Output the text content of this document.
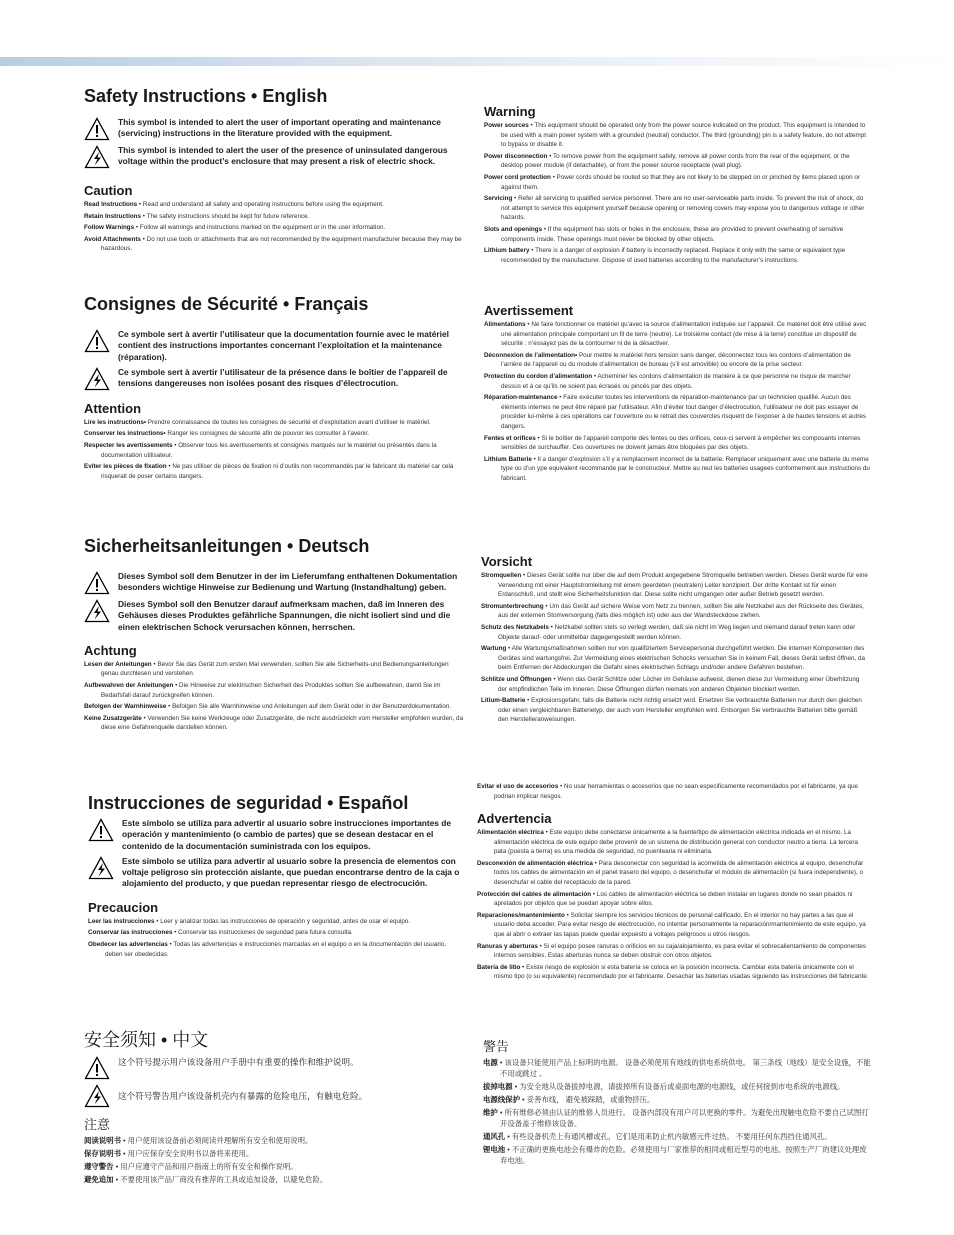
Safety Instructions • English

This symbol is intended to alert the user of important operating and maintenance (servicing) instructions in the literature provided with the equipment.

This symbol is intended to alert the user of the presence of uninsulated dangerous voltage within the product’s enclosure that may present a risk of electric shock.

Caution
Read Instructions • Read and understand all safety and operating instructions before using the equipment.
Retain Instructions • The safety instructions should be kept for future reference.
Follow Warnings • Follow all warnings and instructions marked on the equipment or in the user information.
Avoid Attachments • Do not use tools or attachments that are not recommended by the equipment manufacturer because they may be hazardous.
Warning
Power sources • This equipment should be operated only from the power source indicated on the product. This equipment is intended to be used with a main power system with a grounded (neutral) conductor. The third (grounding) pin is a safety feature, do not attempt to bypass or disable it.
Power disconnection • To remove power from the equipment safely, remove all power cords from the rear of the equipment, or the desktop power module (if detachable), or from the power source receptacle (wall plug).
Power cord protection • Power cords should be routed so that they are not likely to be stepped on or pinched by items placed upon or against them.
Servicing • Refer all servicing to qualified service personnel. There are no user-serviceable parts inside. To prevent the risk of shock, do not attempt to service this equipment yourself because opening or removing covers may expose you to dangerous voltage or other hazards.
Slots and openings • If the equipment has slots or holes in the enclosure, these are provided to prevent overheating of sensitive components inside. These openings must never be blocked by other objects.
Lithium battery • There is a danger of explosion if battery is incorrectly replaced. Replace it only with the same or equivalent type recommended by the manufacturer. Dispose of used batteries according to the manufacturer’s instructions.
Consignes de Sécurité • Français

Ce symbole sert à avertir l’utilisateur que la documentation fournie avec le matériel contient des instructions importantes concernant l’exploitation et la maintenance (réparation).

Ce symbole sert à avertir l’utilisateur de la présence dans le boîtier de l’appareil de tensions dangereuses non isolées posant des risques d’électrocution.

Attention
Lire les instructions• Prendre connaissance de toutes les consignes de sécurité et d’exploitation avant d’utiliser le matériel.
Conserver les instructions• Ranger les consignes de sécurité afin de pouvoir les consulter à l’avenir.
Respecter les avertissements • Observer tous les avertissements et consignes marqués sur le matériel ou présentés dans la documentation utilisateur.
Eviter les pièces de fixation • Ne pas utiliser de pièces de fixation ni d’outils non recommandés par le fabricant du matériel car cela risquerait de poser certains dangers.
Avertissement
Alimentations • Ne faire fonctionner ce matériel qu’avec la source d’alimentation indiquée sur l’appareil. Ce matériel doit être utilisé avec une alimentation principale comportant un fil de terre (neutre). Le troisième contact (de mise à la terre) constitue un dispositif de sécurité : n’essayez pas de la contourner ni de la désactiver.
Déconnexion de l’alimentation• Pour mettre le matériel hors tension sans danger, déconnectez tous les cordons d’alimentation de l’arrière de l’appareil ou du module d’alimentation de bureau (s’il est amovible) ou encore de la prise secteur.
Protection du cordon d’alimentation • Acheminer les cordons d’alimentation de manière à ce que personne ne risque de marcher dessus et à ce qu’ils ne soient pas écrasés ou pincés par des objets.
Réparation-maintenance • Faire exécuter toutes les interventions de réparation-maintenance par un technicien qualifié. Aucun des éléments internes ne peut être réparé par l’utilisateur. Afin d’éviter tout danger d’électrocution, l’utilisateur ne doit pas essayer de procéder lui-même à ces opérations car l’ouverture ou le retrait des couvercles risquent de l’exposer à de hautes tensions et autres dangers.
Fentes et orifices • Si le boîtier de l’appareil comporte des fentes ou des orifices, ceux-ci servent à empêcher les composants internes sensibles de surchauffer. Ces ouvertures ne doivent jamais être bloquées par des objets.
Lithium Batterie • Il a danger d’explosion s’il y a remplacment incorrect de la batterie. Remplacer uniquement avec une batterie du meme type ou d’un ype equivalent recommande par le constructeur. Mettre au reut les batteries usagees conformement aux instructions du fabricant.
Sicherheitsanleitungen • Deutsch

Dieses Symbol soll dem Benutzer in der im Lieferumfang enthaltenen Dokumentation besonders wichtige Hinweise zur Bedienung und Wartung (Instandhaltung) geben.

Dieses Symbol soll den Benutzer darauf aufmerksam machen, daß im Inneren des Gehäuses dieses Produktes gefährliche Spannungen, die nicht isoliert sind und die einen elektrischen Schock verursachen können, herrschen.

Achtung
Lesen der Anleitungen • Bevor Sie das Gerät zum ersten Mal verwenden, sollten Sie alle Sicherheits-und Bedienungsanleitungen genau durchlesen und verstehen.
Aufbewahren der Anleitungen • Die Hinweise zur elektrischen Sicherheit des Produktes sollten Sie aufbewahren, damit Sie im Bedarfsfall darauf zurückgreifen können.
Befolgen der Warnhinweise • Befolgen Sie alle Warnhinweise und Anleitungen auf dem Gerät oder in der Benutzerdokumentation.
Keine Zusatzgeräte • Verwenden Sie keine Werkzeuge oder Zusatzgeräte, die nicht ausdrücklich vom Hersteller empfohlen wurden, da diese eine Gefahrenquelle darstellen können.
Vorsicht
Stromquellen • Dieses Gerät sollte nur über die auf dem Produkt angegebene Stromquelle betrieben werden. Dieses Gerät wurde für eine Verwendung mit einer Hauptstromleitung mit einem geerdeten (neutralen) Leiter konzipiert. Der dritte Kontakt ist für einen Erdanschluß, und stellt eine Sicherheitsfunktion dar. Diese sollte nicht umgangen oder außer Betrieb gesetzt werden.
Stromunterbrechung • Um das Gerät auf sichere Weise vom Netz zu trennen, sollten Sie alle Netzkabel aus der Rückseite des Gerätes, aus der externen Stomversorgung (falls dies möglich ist) oder aus der Wandsteckdose ziehen.
Schutz des Netzkabels • Netzkabel sollten stets so verlegt werden, daß sie nicht im Weg liegen und niemand darauf treten kann oder Objekte darauf- oder unmittelbar dagegengestellt werden können.
Wartung • Alle Wartungsmaßnahmen sollten nur von qualifiziertem Servicepersonal durchgeführt werden. Die internen Komponenten des Gerätes sind wartungsfrei. Zur Vermeidung eines elektrischen Schocks versuchen Sie in keinem Fall, dieses Gerät selbst öffnen, da beim Entfernen der Abdeckungen die Gefahr eines elektrischen Schlags und/oder andere Gefahren bestehen.
Schlitze und Öffnungen • Wenn das Gerät Schlitze oder Löcher im Gehäuse aufweist, dienen diese zur Vermeidung einer Überhitzung der empfindlichen Teile im Inneren. Diese Öffnungen dürfen niemals von anderen Objekten blockiert werden.
Litium-Batterie • Explosionsgefahr, falls die Batterie nicht richtig ersetzt wird. Ersetzen Sie verbrauchte Batterien nur durch den gleichen oder einen vergleichbaren Batterietyp, der auch vom Hersteller empfohlen wird. Entsorgen Sie verbrauchte Batterien bitte gemäß den Herstelleranweisungen.
Instrucciones de seguridad • Español

Este símbolo se utiliza para advertir al usuario sobre instrucciones importantes de operación y mantenimiento (o cambio de partes) que se desean destacar en el contenido de la documentación suministrada con los equipos.

Este símbolo se utiliza para advertir al usuario sobre la presencia de elementos con voltaje peligroso sin protección aislante, que puedan encontrarse dentro de la caja o alojamiento del producto, y que puedan representar riesgo de electrocución.

Precaucion
Leer las instrucciones • Leer y analizar todas las instrucciones de operación y seguridad, antes de usar el equipo.
Conservar las instrucciones • Conservar las instrucciones de seguridad para futura consulta.
Obedecer las advertencias • Todas las advertencias e instrucciones marcadas en el equipo o en la documentación del usuario, deben ser obedecidas.
Evitar el uso de accesorios • No usar herramientas o accesorios que no sean especificamente recomendados por el fabricante, ya que podrian implicar riesgos.
Advertencia
Alimentación eléctrica • Este equipo debe conectarse únicamente a la fuente/tipo de alimentación eléctrica indicada en el mismo. La alimentación eléctrica de este equipo debe provenir de un sistema de distribución general con conductor neutro a tierra. La tercera pata (puesta a tierra) es una medida de seguridad, no puentearia ni eliminaria.
Desconexión de alimentación eléctrica • Para desconectar con seguridad la acometida de alimentación eléctrica al equipo, desenchufar todos los cables de alimentación en el panel trasero del equipo, o desenchufar el módulo de alimentación (si fuera independiente), o desenchufar el cable del receptáculo de la pared.
Protección del cables de alimentación • Los cables de alimentación eléctrica se deben instalar en lugares donde no sean pisados ni apretados por objetos que se puedan apoyar sobre ellos.
Reparaciones/mantenimiento • Solicitar siempre los servicios técnicos de personal calificado. En el interior no hay partes a las que el usuario deba acceder. Para evitar riesgo de electrocución, no intentar personalmente la reparación/mantenimiento de este equipo, ya que al abrir o extraer las tapas puede quedar expuesto a voltajes peligrosos u otros riesgos.
Ranuras y aberturas • Si el equipo posee ranuras o orificios en su caja/alojamiento, es para evitar el sobrecalientamiento de componentes internos sensibles. Estas aberturas nunca se deben obstruir con otros objetos.
Batería de litio • Existe riesgo de explosión si esta batería se coloca en la posición incorrecta. Cambiar esta batería únicamente con el mismo tipo (o su equivalente) recomendado por el fabricante. Desachar las baterías usadas siguiendo las instrucciones del fabricante.
安全须知 • 中文

这个符号提示用户该设备用户手册中有重要的操作和维护说明。

这个符号警告用户该设备机壳内有暴露的危险电压，有触电危险。

注意
阅读说明书 • 用户使用该设备前必须阅读并理解所有安全和使用说明。
保存说明书 • 用户应保存安全说明书以备将来使用。
遵守警告 • 用户应遵守产品和用户指南上的所有安全和操作说明。
避免追加 • 不要使用该产品厂商没有推荐的工具或追加设备，以避免危险。
警告
电源 • 该设备只能使用产品上标明的电源。 设备必须使用有地线的供电系统供电。 第三条线（地线）是安全设施，不能不用或跳过 。
拔掉电源 • 为安全地从设备拔掉电源，请拔掉所有设备后或桌面电源的电源线，或任何接到市电系统的电源线。
电源线保护 • 妥善布线， 避免被踩踏，或重物挤压。
维护 • 所有维修必须由认证的维修人员进行。 设备内部没有用户可以更换的零件。为避免出现触电危险不要自己试图打开设备盖子维修该设备。
通风孔 • 有些设备机壳上有通风槽或孔，它们是用来防止机内敏感元件过热。 不要用任何东西挡住通风孔。
锂电池 • 不正确的更换电池会有爆炸的危险。必须使用与厂家推荐的相同或相近型号的电池。按照生产厂的建议处理废弃电池。
